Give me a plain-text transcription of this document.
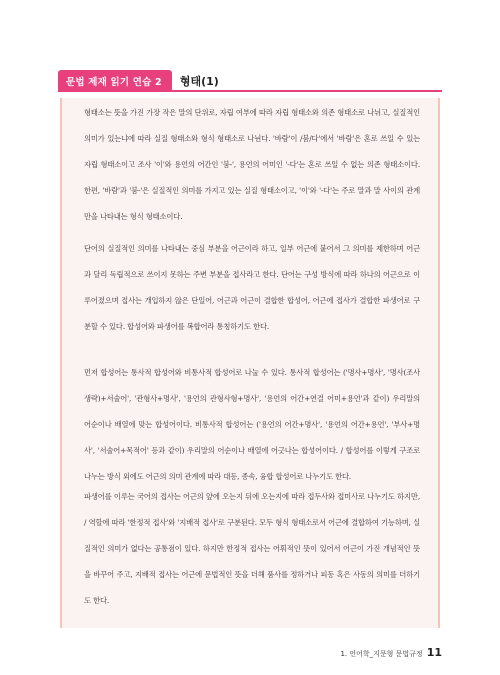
문법 제재 읽기 연습 2	형태(1)

형태소는 뜻을 가진 가장 작은 말의 단위로, 자립 여부에 따라 자립 형태소와 의존 형태소로 나뉘고, 실질적인 의미가 있는냐에 따라 실질 형태소와 형식 형태소로 나뉜다. '바람'이 /붐/다'에서 '바람'은 혼로 쓰일 수 있는 자립 형태소이고 조사 '이'와 용언의 어간인 '붐-', 용언의 어미인 '-다'는 혼로 쓰일 수 없는 의존 형태소이다. 한편, '바람'과 '붐-'은 실질적인 의미를 가지고 있는 실질 형태소이고, '이'와 '-다'는 주로 말과 말 사이의 관계만을 나타내는 형식 형태소이다.

단어의 실질적인 의미를 나타내는 중심 부분을 어근이라 하고, 일부 어근에 붙어서 그 의미를 제한하며 어근과 달리 독립적으로 쓰이지 못하는 주변 부분을 접사라고 한다. 단어는 구성 방식에 따라 하나의 어근으로 이루어졌으며 접사는 개입하지 않은 단일어, 어근과 어근이 결합한 합성어, 어근에 접사가 결합한 파생어로 구분할 수 있다. 합성어와 파생어를 복합어라 통칭하기도 한다.

먼저 합성어는 통사적 합성어와 비통사적 합성어로 나눌 수 있다. 통사적 합성어는 ('명사+명사', '명사(조사생략)+서술어', '관형사+명사', '용언의 관형사형+명사', '용언의 어간+연결 어미+용언'과 같이) 우리말의 어순이나 배열에 맞는 합성어이다. 비통사적 합성어는 ('용언의 어간+명사', '용언의 어간+용언', '부사+명사', '서술어+목적어' 등과 같이) 우리말의 어순이나 배열에 어긋나는 합성어이다. / 합성어를 이렇게 구조로 나누는 방식 외에도 어근의 의미 관계에 따라 대등, 종속, 융합 합성어로 나누기도 한다.

파생어를 이루는 국어의 접사는 어근의 앞에 오는지 뒤에 오는지에 따라 접두사와 접미사로 나누기도 하지만, / 역할에 따라 '한정적 접사'와 '지배적 접사'로 구분된다. 모두 형식 형태소로서 어근에 결합하여 기능하며, 실질적인 의미가 없다는 공통점이 있다. 하지만 한정적 접사는 어휘적인 뜻이 있어서 어근이 가진 개념적인 뜻을 바꾸어 주고, 지배적 접사는 어근에 문법적인 뜻을 더해 품사를 정하거나 피동 혹은 사동의 의미를 더하기도 한다.

1. 언어학_지문형 문법규정 11
